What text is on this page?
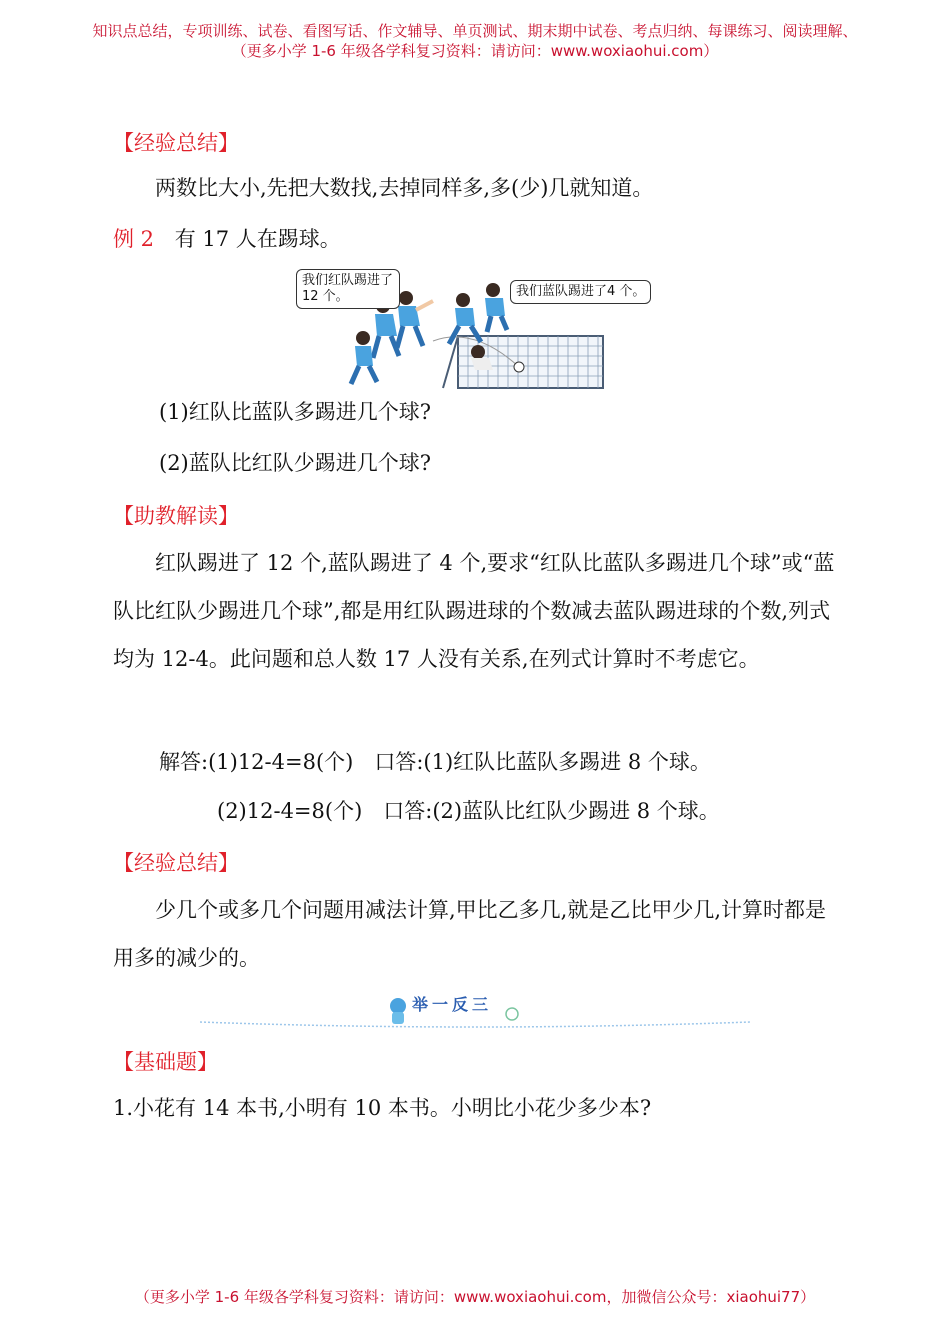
知识点总结，专项训练、试卷、看图写话、作文辅导、单页测试、期末期中试卷、考点归纳、每课练习、阅读理解、
（更多小学 1-6 年级各学科复习资料：请访问：www.woxiaohui.com）
【经验总结】
两数比大小,先把大数找,去掉同样多,多(少)几就知道。
例 2 有 17 人在踢球。
我们红队踢进了12 个。	我们蓝队踢进了4 个。
(1)红队比蓝队多踢进几个球?
(2)蓝队比红队少踢进几个球?
【助教解读】

红队踢进了 12 个,蓝队踢进了 4 个,要求“红队比蓝队多踢进几个球”或“蓝队比红队少踢进几个球”,都是用红队踢进球的个数减去蓝队踢进球的个数,列式均为 12-4。此问题和总人数 17 人没有关系,在列式计算时不考虑它。

解答:(1)12-4=8(个)　口答:(1)红队比蓝队多踢进 8 个球。
(2)12-4=8(个)　口答:(2)蓝队比红队少踢进 8 个球。
【经验总结】

少几个或多几个问题用减法计算,甲比乙多几,就是乙比甲少几,计算时都是用多的减少的。

举一反三
【基础题】
1.小花有 14 本书,小明有 10 本书。小明比小花少多少本?
（更多小学 1-6 年级各学科复习资料：请访问：www.woxiaohui.com，加微信公众号：xiaohui77）
